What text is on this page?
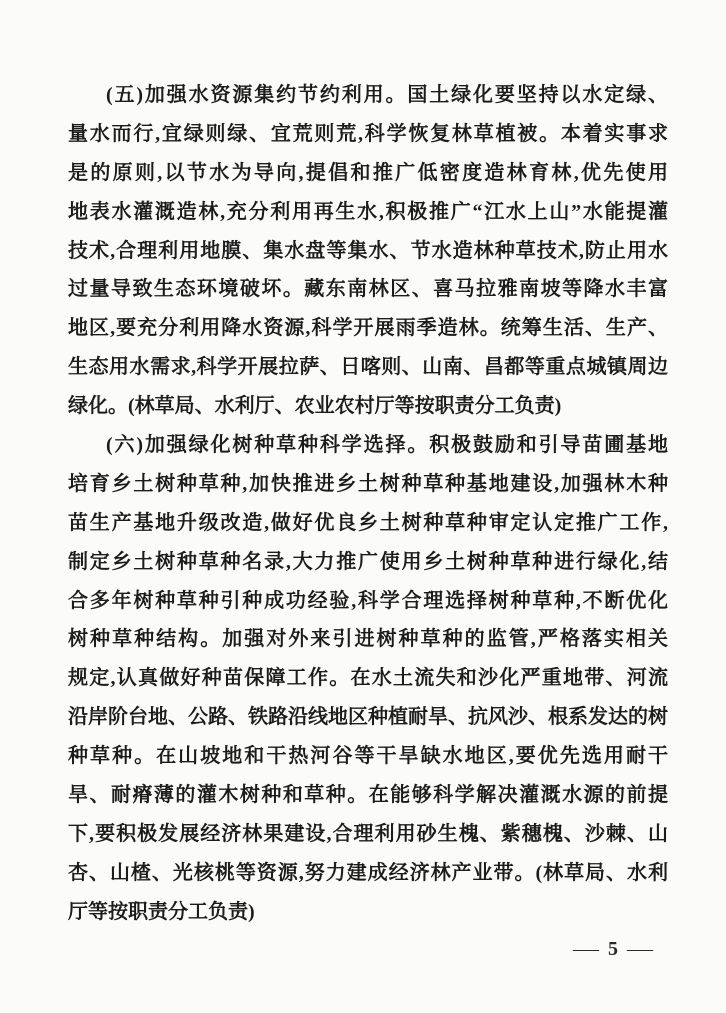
(五)加强水资源集约节约利用。国土绿化要坚持以水定绿、
量水而行,宜绿则绿、宜荒则荒,科学恢复林草植被。本着实事求
是的原则,以节水为导向,提倡和推广低密度造林育林,优先使用
地表水灌溉造林,充分利用再生水,积极推广“江水上山”水能提灌
技术,合理利用地膜、集水盘等集水、节水造林种草技术,防止用水
过量导致生态环境破坏。藏东南林区、喜马拉雅南坡等降水丰富
地区,要充分利用降水资源,科学开展雨季造林。统筹生活、生产、
生态用水需求,科学开展拉萨、日喀则、山南、昌都等重点城镇周边
绿化。(林草局、水利厅、农业农村厅等按职责分工负责)
(六)加强绿化树种草种科学选择。积极鼓励和引导苗圃基地
培育乡土树种草种,加快推进乡土树种草种基地建设,加强林木种
苗生产基地升级改造,做好优良乡土树种草种审定认定推广工作,
制定乡土树种草种名录,大力推广使用乡土树种草种进行绿化,结
合多年树种草种引种成功经验,科学合理选择树种草种,不断优化
树种草种结构。加强对外来引进树种草种的监管,严格落实相关
规定,认真做好种苗保障工作。在水土流失和沙化严重地带、河流
沿岸阶台地、公路、铁路沿线地区种植耐旱、抗风沙、根系发达的树
种草种。在山坡地和干热河谷等干旱缺水地区,要优先选用耐干
旱、耐瘠薄的灌木树种和草种。在能够科学解决灌溉水源的前提
下,要积极发展经济林果建设,合理利用砂生槐、紫穗槐、沙棘、山
杏、山楂、光核桃等资源,努力建成经济林产业带。(林草局、水利
厅等按职责分工负责)
— 5 —
